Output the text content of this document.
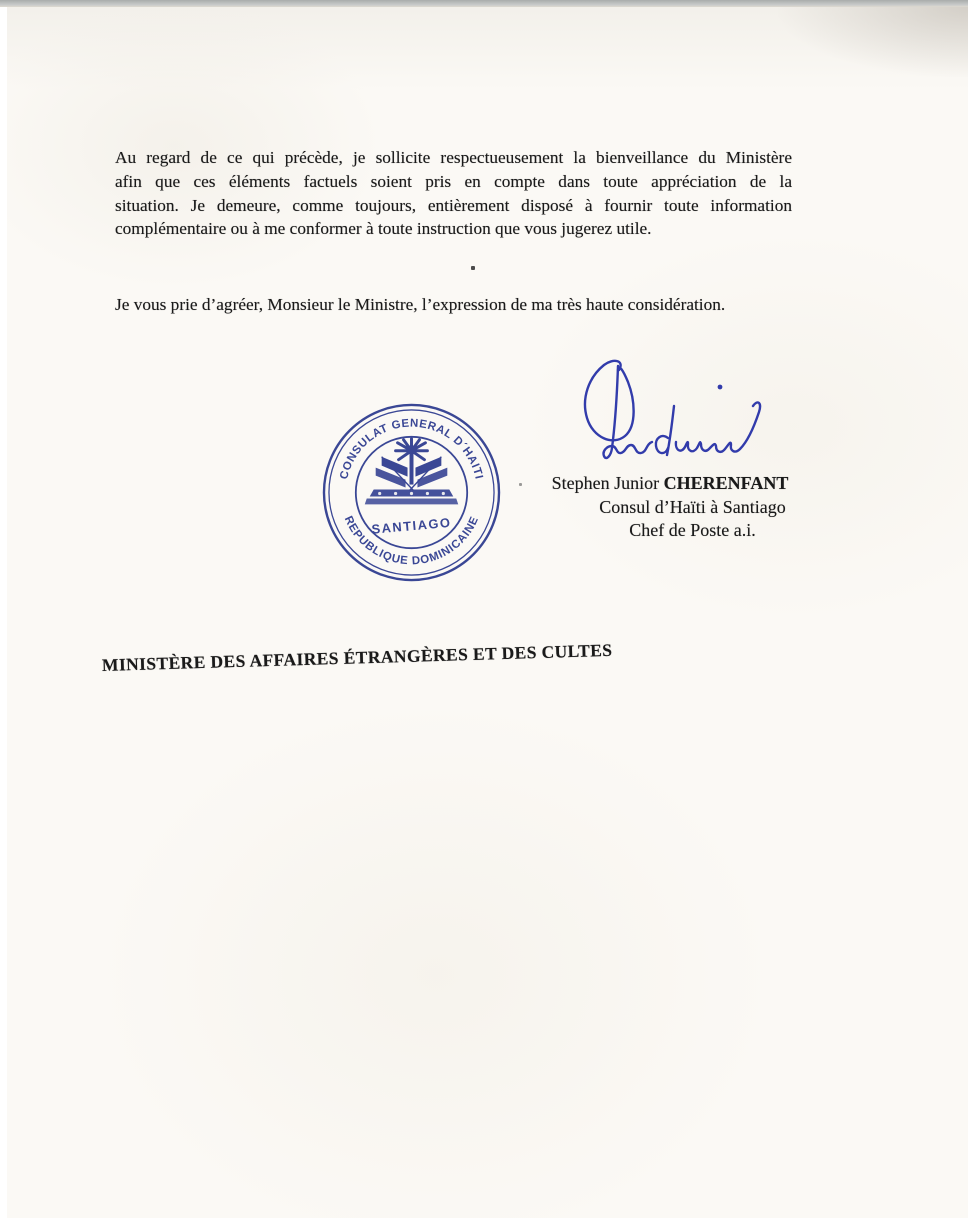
Au regard de ce qui précède, je sollicite respectueusement la bienveillance du Ministère
afin que ces éléments factuels soient pris en compte dans toute appréciation de la
situation. Je demeure, comme toujours, entièrement disposé à fournir toute information
complémentaire ou à me conformer à toute instruction que vous jugerez utile.
Je vous prie d’agréer, Monsieur le Ministre, l’expression de ma très haute considération.
CONSULAT GENERAL D´HAITI
REPUBLIQUE DOMINICAINE
SANTIAGO
Stephen Junior CHERENFANT
Consul d’Haïti à Santiago
Chef de Poste a.i.
MINISTÈRE DES AFFAIRES ÉTRANGÈRES ET DES CULTES
